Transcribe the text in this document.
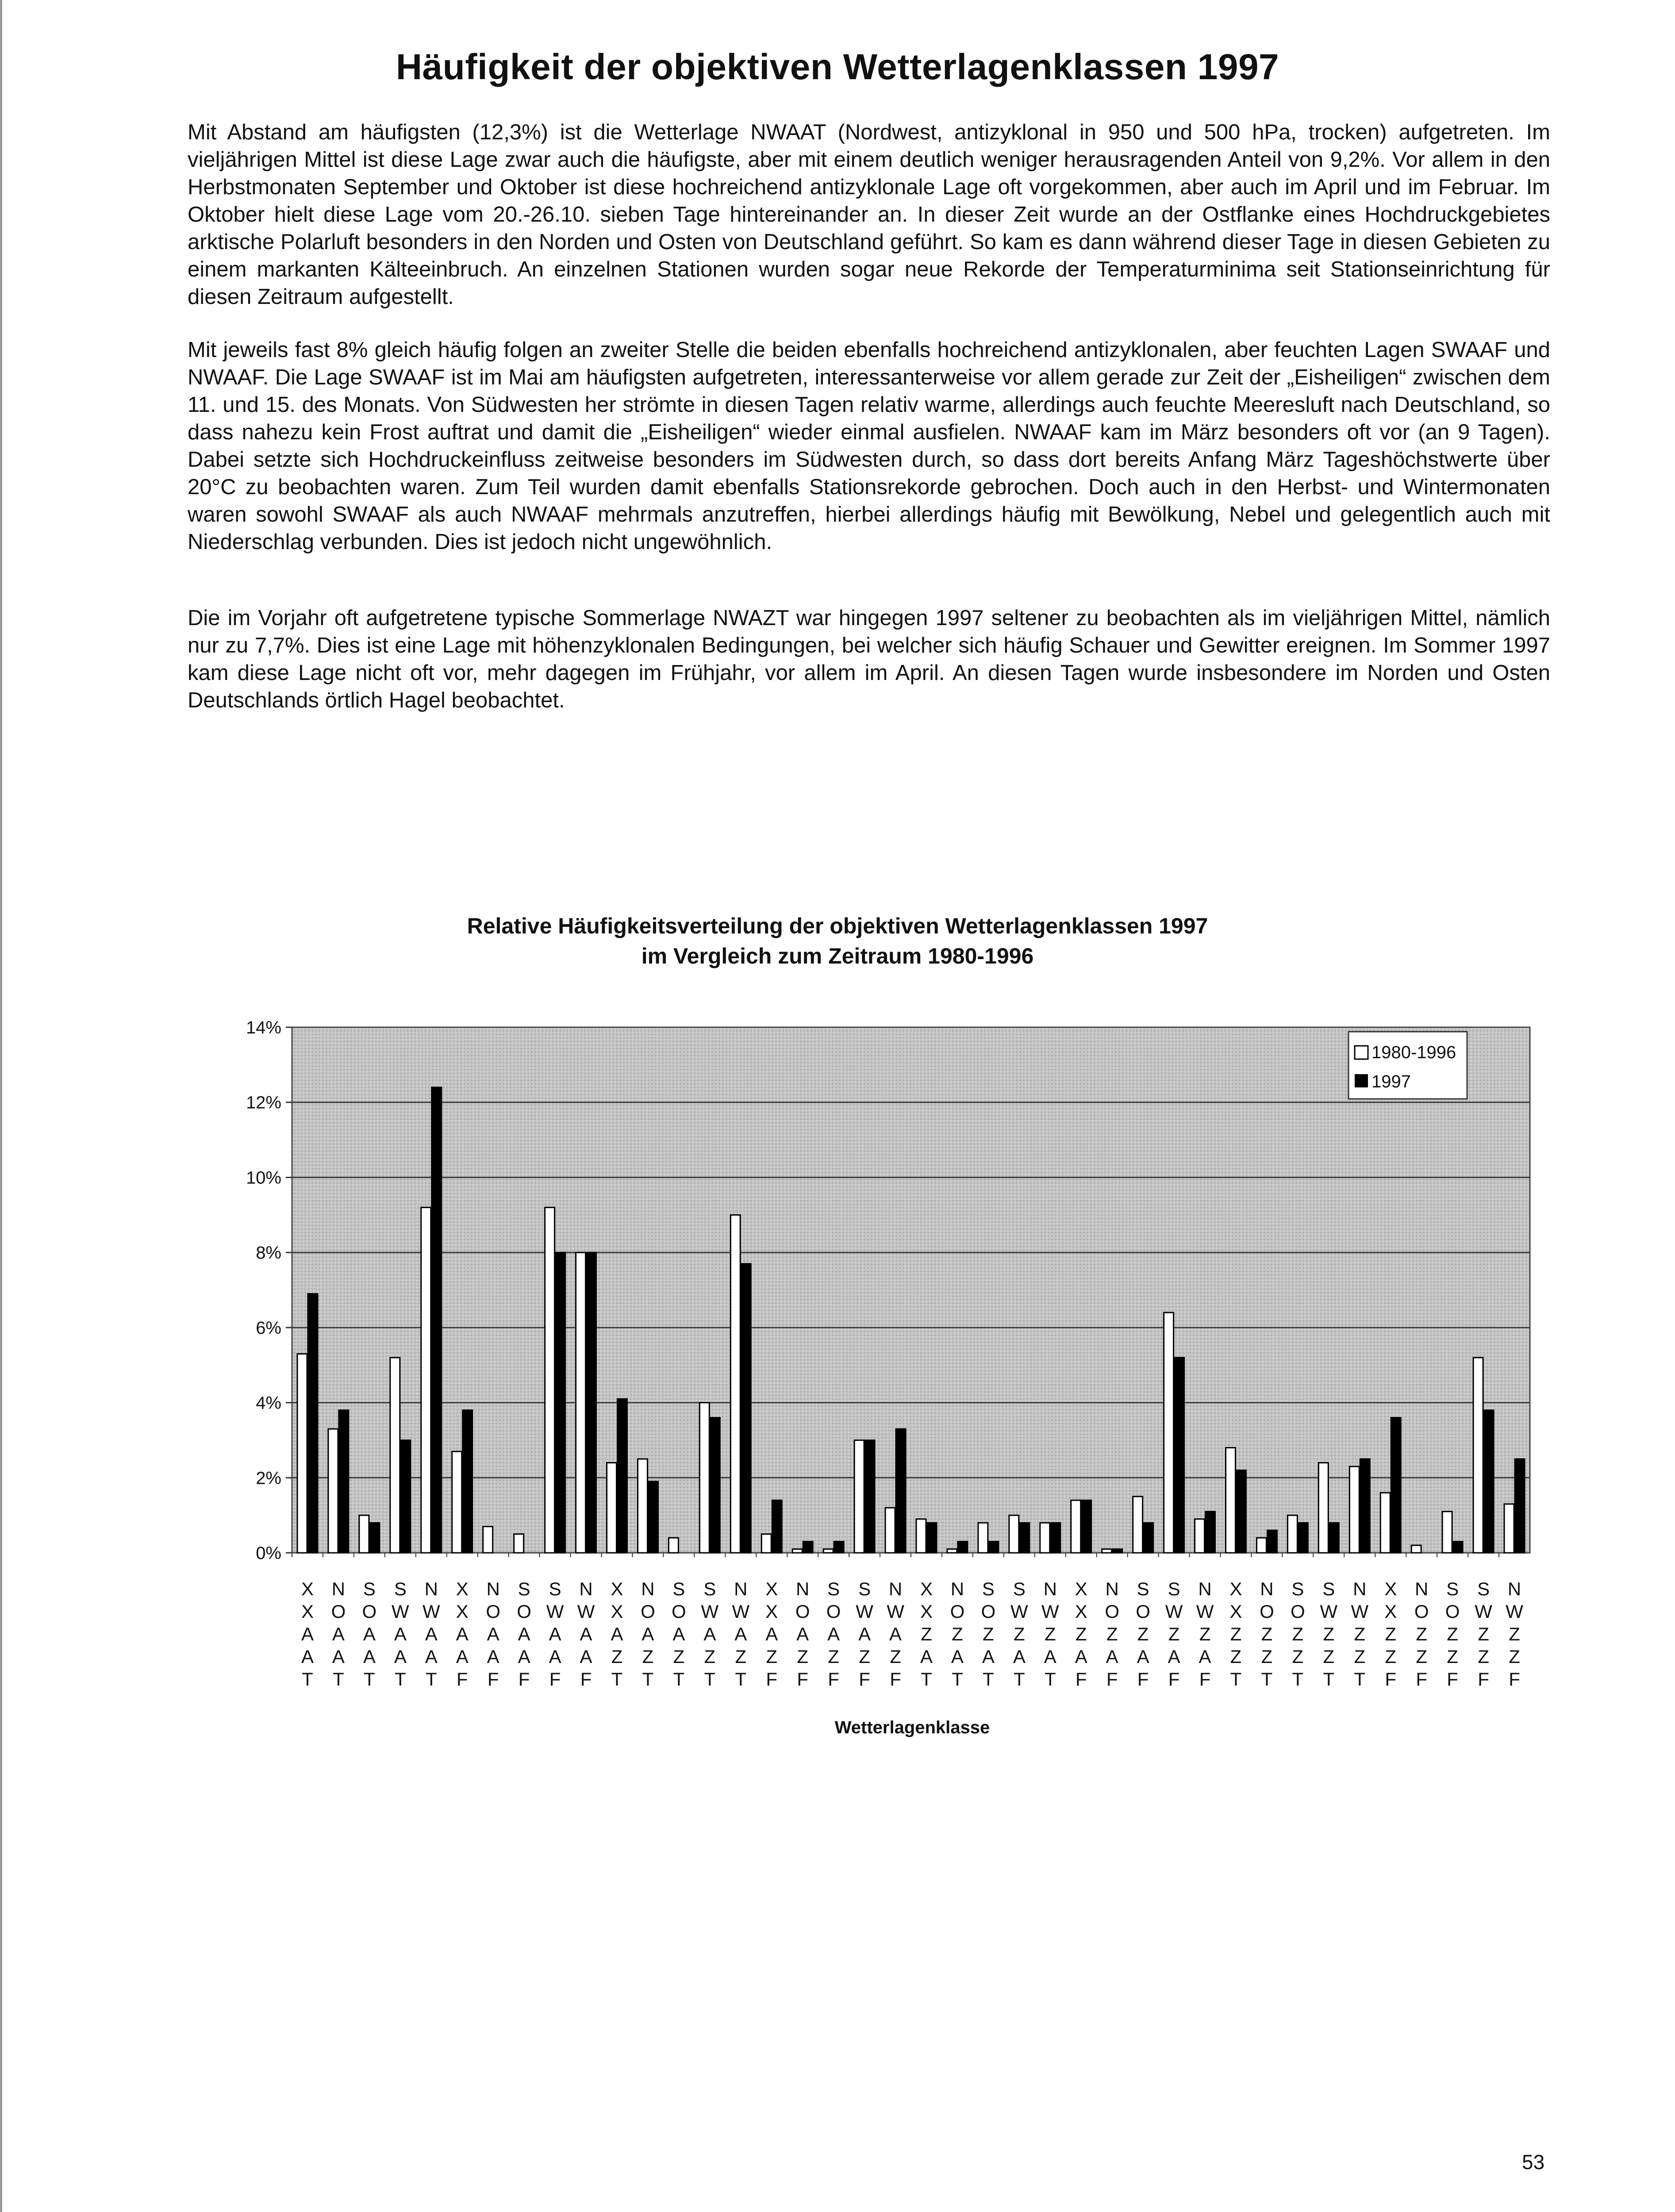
Häufigkeit der objektiven Wetterlagenklassen 1997

Mit Abstand am häufigsten (12,3%) ist die Wetterlage NWAAT (Nordwest, antizyklonal in 950 und 500 hPa, trocken) aufgetreten. Im vieljährigen Mittel ist diese Lage zwar auch die häufigste, aber mit einem deutlich weniger herausragenden Anteil von 9,2%. Vor allem in den Herbstmonaten September und Oktober ist diese hochreichend antizyklonale Lage oft vorgekommen, aber auch im April und im Februar. Im Oktober hielt diese Lage vom 20.-26.10. sieben Tage hintereinander an. In dieser Zeit wurde an der Ostflanke eines Hochdruckgebietes arktische Polarluft besonders in den Norden und Osten von Deutschland geführt. So kam es dann während dieser Tage in diesen Gebieten zu einem markanten Kälteeinbruch. An einzelnen Stationen wurden sogar neue Rekorde der Temperaturminima seit Stationseinrichtung für diesen Zeitraum aufgestellt.

Mit jeweils fast 8% gleich häufig folgen an zweiter Stelle die beiden ebenfalls hochreichend antizyklonalen, aber feuchten Lagen SWAAF und NWAAF. Die Lage SWAAF ist im Mai am häufigsten aufgetreten, interessanterweise vor allem gerade zur Zeit der „Eisheiligen“ zwischen dem 11. und 15. des Monats. Von Südwesten her strömte in diesen Tagen relativ warme, allerdings auch feuchte Meeresluft nach Deutschland, so dass nahezu kein Frost auftrat und damit die „Eisheiligen“ wieder einmal ausfielen. NWAAF kam im März besonders oft vor (an 9 Tagen). Dabei setzte sich Hochdruckeinfluss zeitweise besonders im Südwesten durch, so dass dort bereits Anfang März Tageshöchstwerte über 20°C zu beobachten waren. Zum Teil wurden damit ebenfalls Stationsrekorde gebrochen. Doch auch in den Herbst- und Wintermonaten waren sowohl SWAAF als auch NWAAF mehrmals anzutreffen, hierbei allerdings häufig mit Bewölkung, Nebel und gelegentlich auch mit Niederschlag verbunden. Dies ist jedoch nicht ungewöhnlich.

Die im Vorjahr oft aufgetretene typische Sommerlage NWAZT war hingegen 1997 seltener zu beobachten als im vieljährigen Mittel, nämlich nur zu 7,7%. Dies ist eine Lage mit höhenzyklonalen Bedingungen, bei welcher sich häufig Schauer und Gewitter ereignen. Im Sommer 1997 kam diese Lage nicht oft vor, mehr dagegen im Frühjahr, vor allem im April. An diesen Tagen wurde insbesondere im Norden und Osten Deutschlands örtlich Hagel beobachtet.

Relative Häufigkeitsverteilung der objektiven Wetterlagenklassen 1997
im Vergleich zum Zeitraum 1980-1996
0%
2%
4%
6%
8%
10%
12%
14%
X
X
A
A
T
N
O
A
A
T
S
O
A
A
T
S
W
A
A
T
N
W
A
A
T
X
X
A
A
F
N
O
A
A
F
S
O
A
A
F
S
W
A
A
F
N
W
A
A
F
X
X
A
Z
T
N
O
A
Z
T
S
O
A
Z
T
S
W
A
Z
T
N
W
A
Z
T
X
X
A
Z
F
N
O
A
Z
F
S
O
A
Z
F
S
W
A
Z
F
N
W
A
Z
F
X
X
Z
A
T
N
O
Z
A
T
S
O
Z
A
T
S
W
Z
A
T
N
W
Z
A
T
X
X
Z
A
F
N
O
Z
A
F
S
O
Z
A
F
S
W
Z
A
F
N
W
Z
A
F
X
X
Z
Z
T
N
O
Z
Z
T
S
O
Z
Z
T
S
W
Z
Z
T
N
W
Z
Z
T
X
X
Z
Z
F
N
O
Z
Z
F
S
O
Z
Z
F
S
W
Z
Z
F
N
W
Z
Z
F
1980-1996
1997
Wetterlagenklasse
53
